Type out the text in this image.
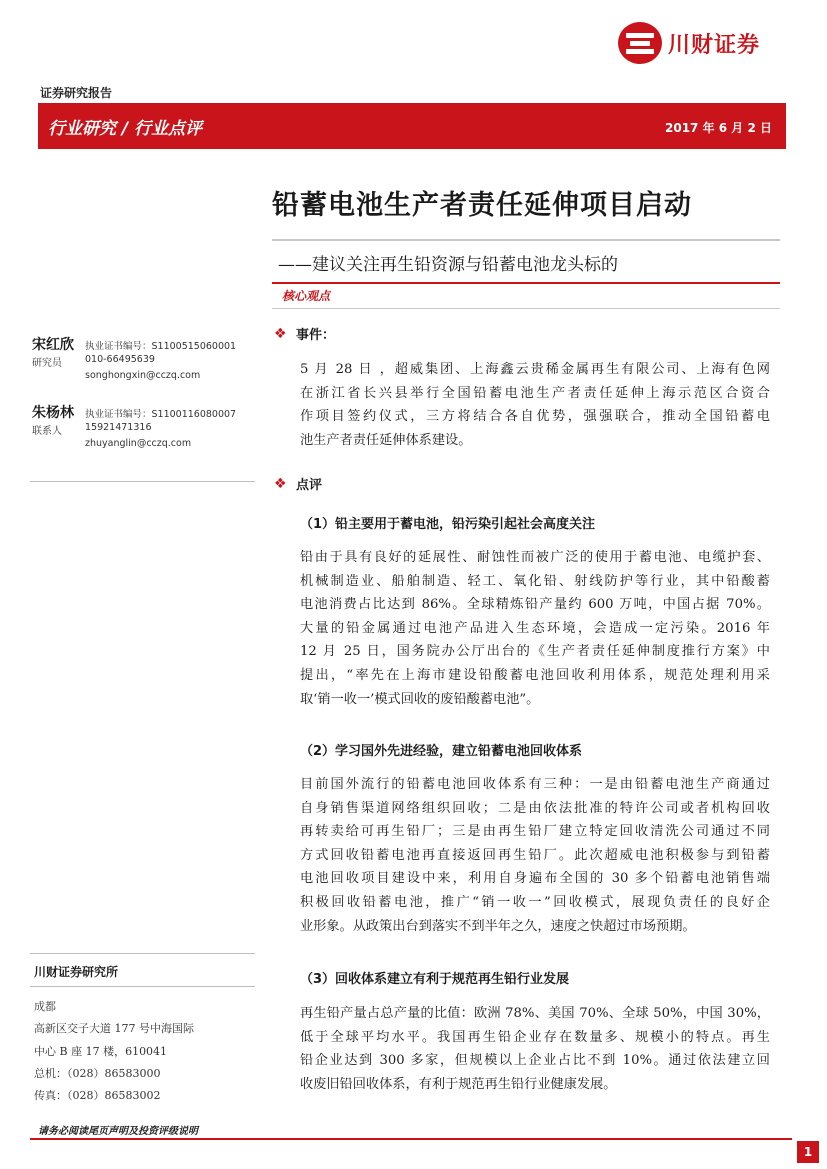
川财证券
证券研究报告
行业研究 / 行业点评	2017 年 6 月 2 日
铅蓄电池生产者责任延伸项目启动
——建议关注再生铅资源与铅蓄电池龙头标的
核心观点
宋红欣
研究员
执业证书编号：S1100515060001
010-66495639
songhongxin@cczq.com
朱杨林
联系人
执业证书编号：S1100116080007
15921471316
zhuyanglin@cczq.com
川财证券研究所
成都
高新区交子大道 177 号中海国际
中心 B 座 17 楼，610041
总机：（028）86583000
传真：（028）86583002
❖ 事件：
5 月 28 日 ，超威集团、上海鑫云贵稀金属再生有限公司、上海有色网
在浙江省长兴县举行全国铅蓄电池生产者责任延伸上海示范区合资合
作项目签约仪式，三方将结合各自优势，强强联合，推动全国铅蓄电
池生产者责任延伸体系建设。
❖ 点评
（1）铅主要用于蓄电池，铅污染引起社会高度关注
铅由于具有良好的延展性、耐蚀性而被广泛的使用于蓄电池、电缆护套、
机械制造业、船舶制造、轻工、氧化铅、射线防护等行业，其中铅酸蓄
电池消费占比达到 86%。全球精炼铅产量约 600 万吨，中国占据 70%。
大量的铅金属通过电池产品进入生态环境，会造成一定污染。2016 年
12 月 25 日，国务院办公厅出台的《生产者责任延伸制度推行方案》中
提出，“率先在上海市建设铅酸蓄电池回收利用体系，规范处理利用采
取‘销一收一’模式回收的废铅酸蓄电池”。
（2）学习国外先进经验，建立铅蓄电池回收体系
目前国外流行的铅蓄电池回收体系有三种：一是由铅蓄电池生产商通过
自身销售渠道网络组织回收；二是由依法批准的特许公司或者机构回收
再转卖给可再生铅厂；三是由再生铅厂建立特定回收清洗公司通过不同
方式回收铅蓄电池再直接返回再生铅厂。此次超威电池积极参与到铅蓄
电池回收项目建设中来，利用自身遍布全国的 30 多个铅蓄电池销售端
积极回收铅蓄电池，推广“销一收一”回收模式，展现负责任的良好企
业形象。从政策出台到落实不到半年之久，速度之快超过市场预期。
（3）回收体系建立有利于规范再生铅行业发展
再生铅产量占总产量的比值：欧洲 78%、美国 70%、全球 50%，中国 30%，
低于全球平均水平。我国再生铅企业存在数量多、规模小的特点。再生
铅企业达到 300 多家，但规模以上企业占比不到 10%。通过依法建立回
收废旧铅回收体系，有利于规范再生铅行业健康发展。
请务必阅读尾页声明及投资评级说明
1
